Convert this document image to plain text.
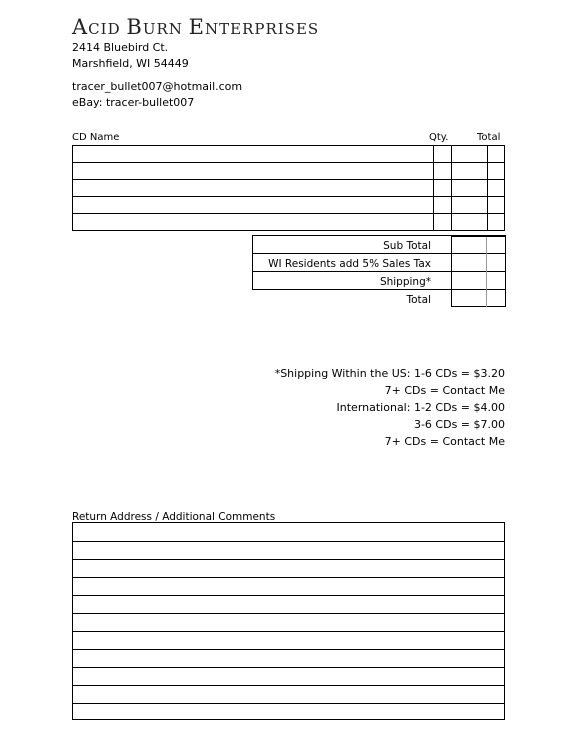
ACID BURN ENTERPRISES
2414 Bluebird Ct.
Marshfield, WI 54449
tracer_bullet007@hotmail.com
eBay: tracer-bullet007
CD Name	Qty.	Total

Sub Total
WI Residents add 5% Sales Tax
Shipping*
Total
*Shipping Within the US: 1-6 CDs = $3.20
7+ CDs = Contact Me
International: 1-2 CDs = $4.00
3-6 CDs = $7.00
7+ CDs = Contact Me
Return Address / Additional Comments
